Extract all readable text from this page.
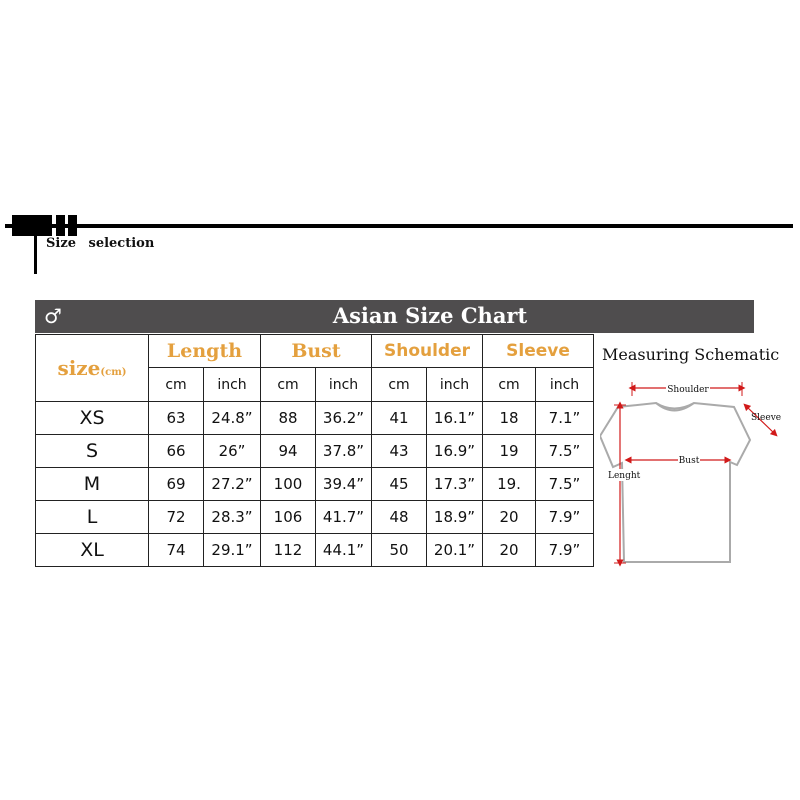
Size selection
♂	Asian Size Chart
size(cm)	Length		Bust		Shoulder		Sleeve	
	cm	inch	cm	inch	cm	inch	cm	inch
XS	63	24.8”	88	36.2”	41	16.1”	18	7.1”
S	66	26”	94	37.8”	43	16.9”	19	7.5”
M	69	27.2”	100	39.4”	45	17.3”	19.	7.5”
L	72	28.3”	106	41.7”	48	18.9”	20	7.9”
XL	74	29.1”	112	44.1”	50	20.1”	20	7.9”
Measuring Schematic
Shoulder
Sleeve
Bust
Lenght
